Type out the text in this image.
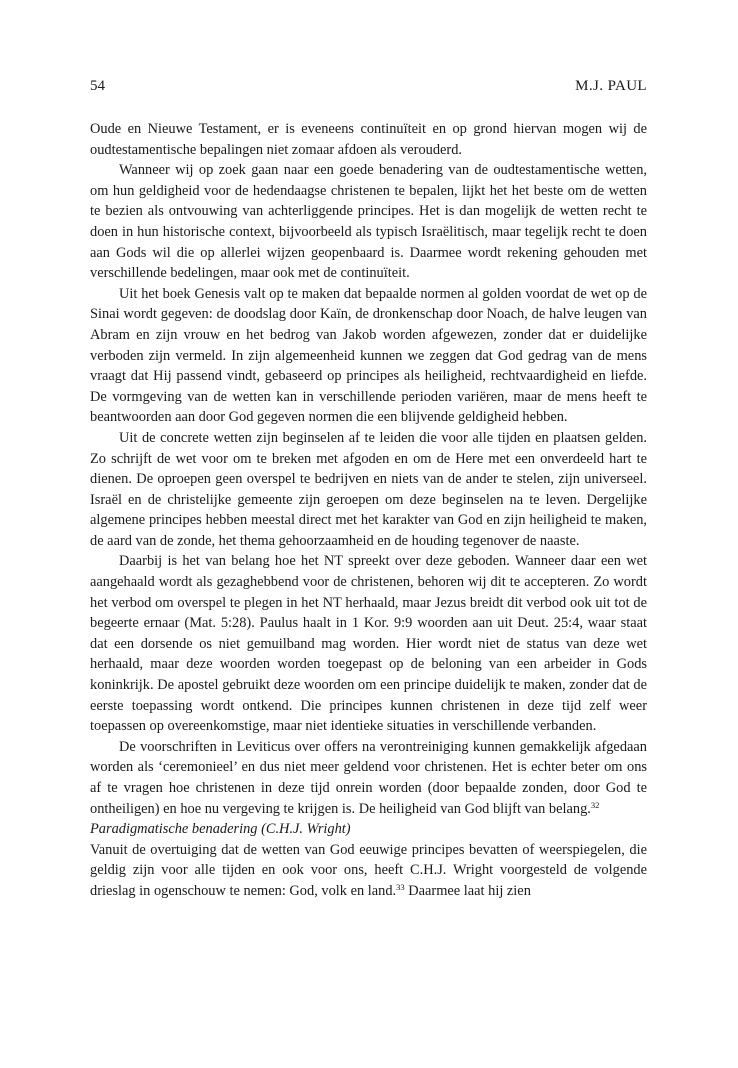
54	M.J. PAUL

Oude en Nieuwe Testament, er is eveneens continuïteit en op grond hiervan mogen wij de oudtestamentische bepalingen niet zomaar afdoen als verouderd.

Wanneer wij op zoek gaan naar een goede benadering van de oudtestamentische wetten, om hun geldigheid voor de hedendaagse christenen te bepalen, lijkt het het beste om de wetten te bezien als ontvouwing van achterliggende principes. Het is dan mogelijk de wetten recht te doen in hun historische context, bijvoorbeeld als typisch Israëlitisch, maar tegelijk recht te doen aan Gods wil die op allerlei wijzen geopenbaard is. Daarmee wordt rekening gehouden met verschillende bedelingen, maar ook met de continuïteit.

Uit het boek Genesis valt op te maken dat bepaalde normen al golden voordat de wet op de Sinai wordt gegeven: de doodslag door Kaïn, de dronkenschap door Noach, de halve leugen van Abram en zijn vrouw en het bedrog van Jakob worden afgewezen, zonder dat er duidelijke verboden zijn vermeld. In zijn algemeenheid kunnen we zeggen dat God gedrag van de mens vraagt dat Hij passend vindt, gebaseerd op principes als heiligheid, rechtvaardigheid en liefde. De vormgeving van de wetten kan in verschillende perioden variëren, maar de mens heeft te beantwoorden aan door God gegeven normen die een blijvende geldigheid hebben.

Uit de concrete wetten zijn beginselen af te leiden die voor alle tijden en plaatsen gelden. Zo schrijft de wet voor om te breken met afgoden en om de Here met een onverdeeld hart te dienen. De oproepen geen overspel te bedrijven en niets van de ander te stelen, zijn universeel. Israël en de christelijke gemeente zijn geroepen om deze beginselen na te leven. Dergelijke algemene principes hebben meestal direct met het karakter van God en zijn heiligheid te maken, de aard van de zonde, het thema gehoorzaamheid en de houding tegenover de naaste.

Daarbij is het van belang hoe het NT spreekt over deze geboden. Wanneer daar een wet aangehaald wordt als gezaghebbend voor de christenen, behoren wij dit te accepteren. Zo wordt het verbod om overspel te plegen in het NT herhaald, maar Jezus breidt dit verbod ook uit tot de begeerte ernaar (Mat. 5:28). Paulus haalt in 1 Kor. 9:9 woorden aan uit Deut. 25:4, waar staat dat een dorsende os niet gemuilband mag worden. Hier wordt niet de status van deze wet herhaald, maar deze woorden worden toegepast op de beloning van een arbeider in Gods koninkrijk. De apostel gebruikt deze woorden om een principe duidelijk te maken, zonder dat de eerste toepassing wordt ontkend. Die principes kunnen christenen in deze tijd zelf weer toepassen op overeenkomstige, maar niet identieke situaties in verschillende verbanden.

De voorschriften in Leviticus over offers na verontreiniging kunnen gemakkelijk afgedaan worden als ‘ceremonieel’ en dus niet meer geldend voor christenen. Het is echter beter om ons af te vragen hoe christenen in deze tijd onrein worden (door bepaalde zonden, door God te ontheiligen) en hoe nu vergeving te krijgen is. De heiligheid van God blijft van belang.$^{32}$

Paradigmatische benadering (C.H.J. Wright)

Vanuit de overtuiging dat de wetten van God eeuwige principes bevatten of weerspiegelen, die geldig zijn voor alle tijden en ook voor ons, heeft C.H.J. Wright voorgesteld de volgende drieslag in ogenschouw te nemen: God, volk en land.$^{33}$ Daarmee laat hij zien
